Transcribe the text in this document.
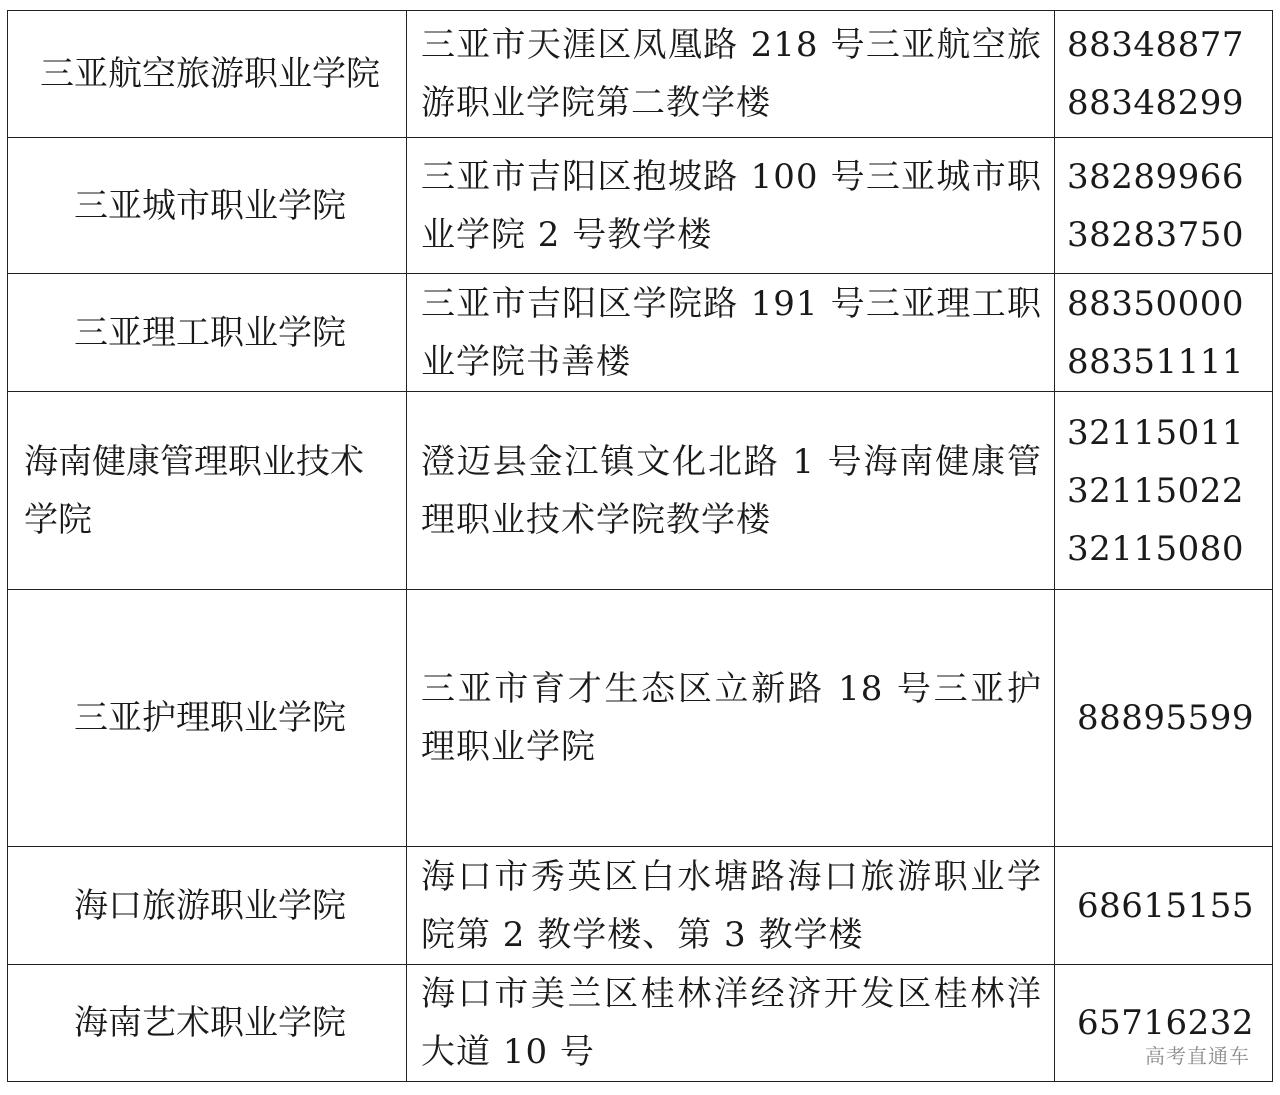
三亚航空旅游职业学院	三亚市天涯区凤凰路 218 号三亚航空旅游职业学院第二教学楼	88348877
88348299

三亚城市职业学院	三亚市吉阳区抱坡路 100 号三亚城市职业学院 2 号教学楼	38289966
38283750

三亚理工职业学院	三亚市吉阳区学院路 191 号三亚理工职业学院书善楼	88350000
88351111

海南健康管理职业技术学院	澄迈县金江镇文化北路 1 号海南健康管理职业技术学院教学楼	32115011
32115022
32115080

三亚护理职业学院	三亚市育才生态区立新路 18 号三亚护理职业学院	88895599

海口旅游职业学院	海口市秀英区白水塘路海口旅游职业学院第 2 教学楼、第 3 教学楼	68615155

海南艺术职业学院	海口市美兰区桂林洋经济开发区桂林洋大道 10 号	65716232
高考直通车
